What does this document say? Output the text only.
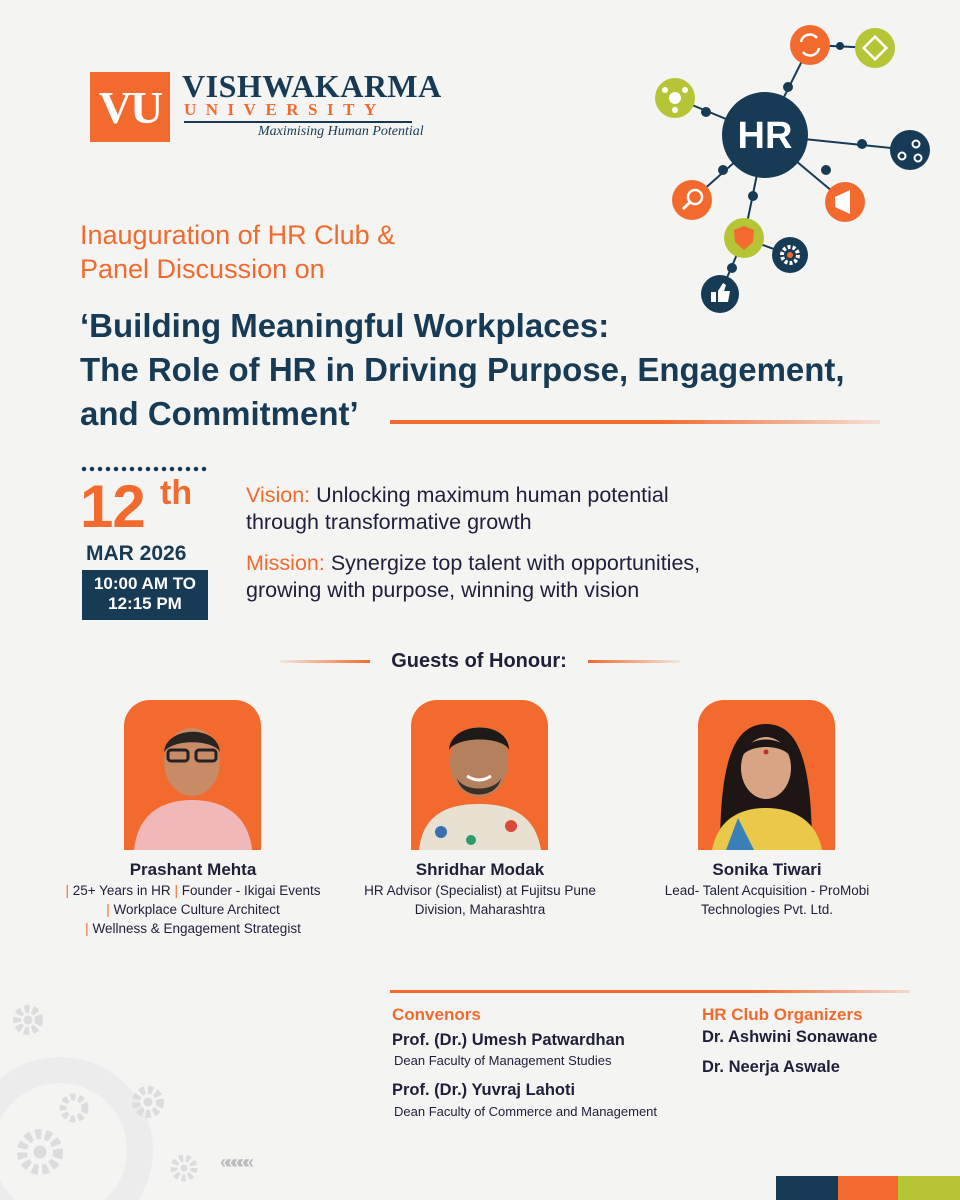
VU VISHWAKARMA
UNIVERSITY
Maximising Human Potential	HR
Inauguration of HR Club &
Panel Discussion on
‘Building Meaningful Workplaces:
The Role of HR in Driving Purpose, Engagement,
and Commitment’
12 th
MAR 2026
10:00 AM TO
12:15 PM
Vision: Unlocking maximum human potential
through transformative growth
Mission: Synergize top talent with opportunities,
growing with purpose, winning with vision
Guests of Honour:
Prashant Mehta
| 25+ Years in HR | Founder - Ikigai Events
| Workplace Culture Architect
| Wellness & Engagement Strategist
Shridhar Modak
HR Advisor (Specialist) at Fujitsu Pune
Division, Maharashtra
Sonika Tiwari
Lead- Talent Acquisition - ProMobi
Technologies Pvt. Ltd.
Convenors
Prof. (Dr.) Umesh Patwardhan
Dean Faculty of Management Studies
Prof. (Dr.) Yuvraj Lahoti
Dean Faculty of Commerce and Management
HR Club Organizers
Dr. Ashwini Sonawane
Dr. Neerja Aswale
«««««
